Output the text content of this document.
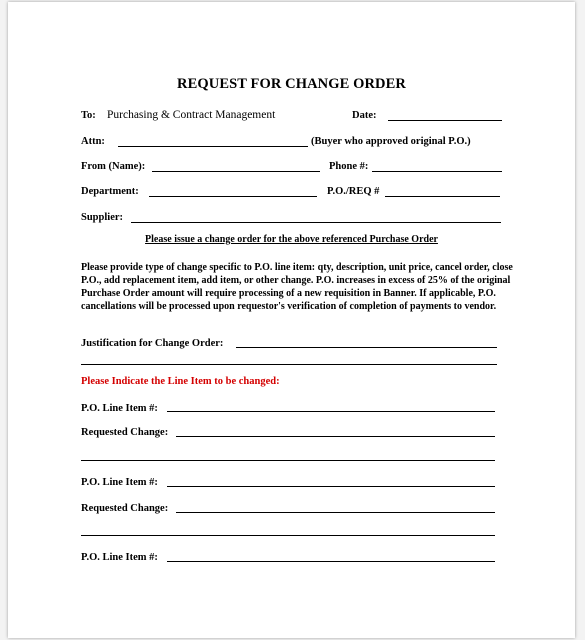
REQUEST FOR CHANGE ORDER
To: Purchasing & Contract Management	Date:
Attn:	(Buyer who approved original P.O.)
From (Name):	Phone #:
Department:	P.O./REQ #
Supplier:
Please issue a change order for the above referenced Purchase Order
Please provide type of change specific to P.O. line item: qty, description, unit price, cancel order, close P.O., add replacement item, add item, or other change. P.O. increases in excess of 25% of the original Purchase Order amount will require processing of a new requisition in Banner. If applicable, P.O. cancellations will be processed upon requestor's verification of completion of payments to vendor.
Justification for Change Order:
Please Indicate the Line Item to be changed:
P.O. Line Item #:
Requested Change:
P.O. Line Item #:
Requested Change:
P.O. Line Item #:
